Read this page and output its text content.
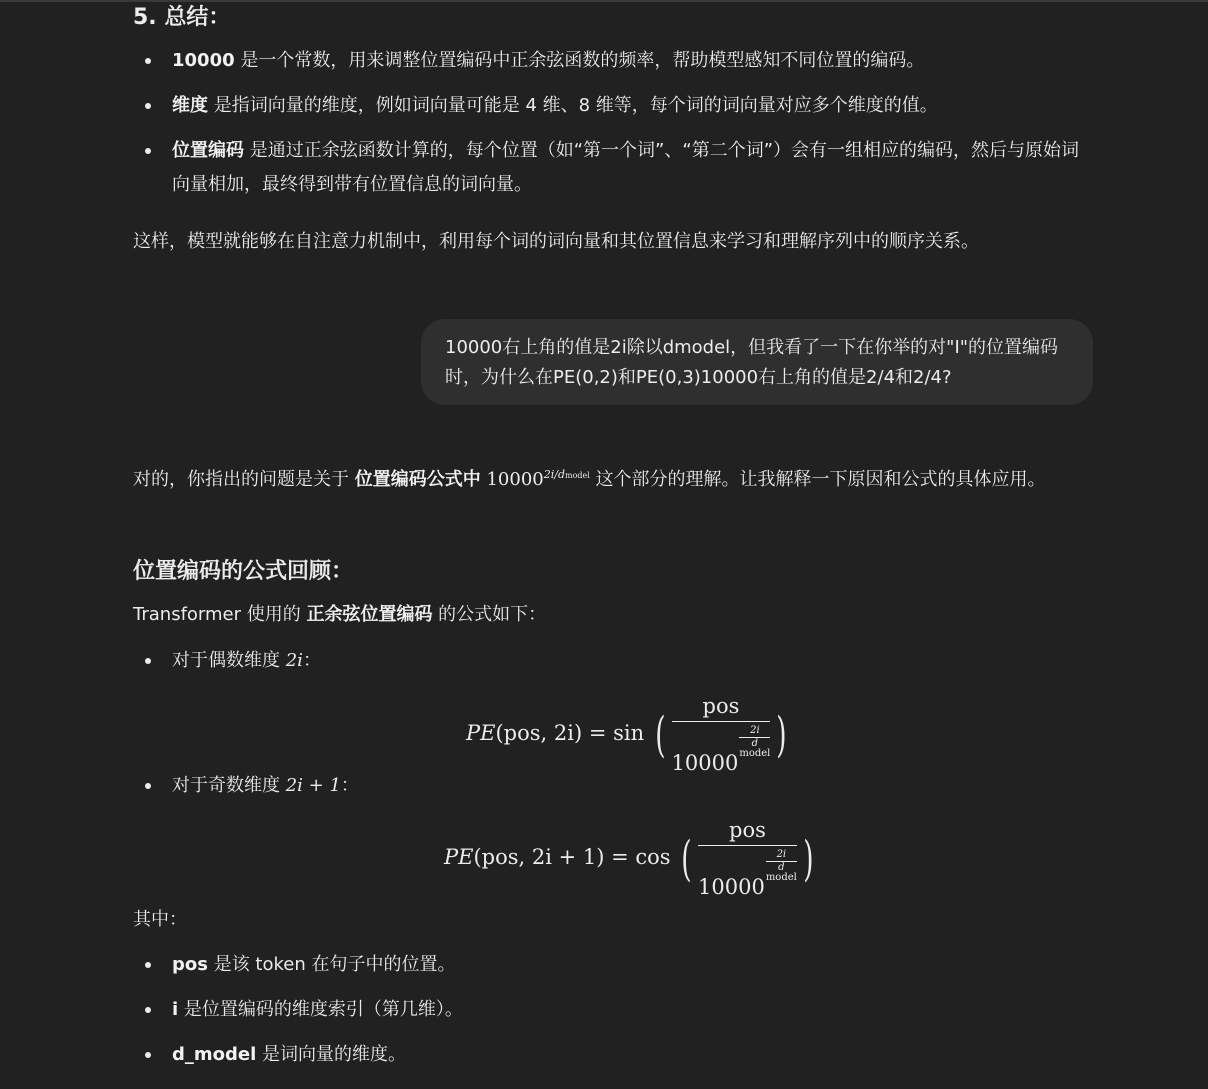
5. 总结：
10000 是一个常数，用来调整位置编码中正余弦函数的频率，帮助模型感知不同位置的编码。
维度 是指词向量的维度，例如词向量可能是 4 维、8 维等，每个词的词向量对应多个维度的值。
位置编码 是通过正余弦函数计算的，每个位置（如“第一个词”、“第二个词”）会有一组相应的编码，然后与原始词向量相加，最终得到带有位置信息的词向量。
这样，模型就能够在自注意力机制中，利用每个词的词向量和其位置信息来学习和理解序列中的顺序关系。
10000右上角的值是2i除以dmodel，但我看了一下在你举的对"I"的位置编码时，为什么在PE(0,2)和PE(0,3)10000右上角的值是2/4和2/4?
对的，你指出的问题是关于 位置编码公式中 $10000^{2i/dmodel}$ 这个部分的理解。让我解释一下原因和公式的具体应用。
位置编码的公式回顾：
Transformer 使用的 正余弦位置编码 的公式如下：
对于偶数维度 2i：
PE(pos, 2i) = sin ( pos
10000
2i
d
model )
对于奇数维度 2i + 1：
PE(pos, 2i + 1) = cos ( pos
10000
2i
d
model )
其中：
pos 是该 token 在句子中的位置。
i 是位置编码的维度索引（第几维）。
d_model 是词向量的维度。
